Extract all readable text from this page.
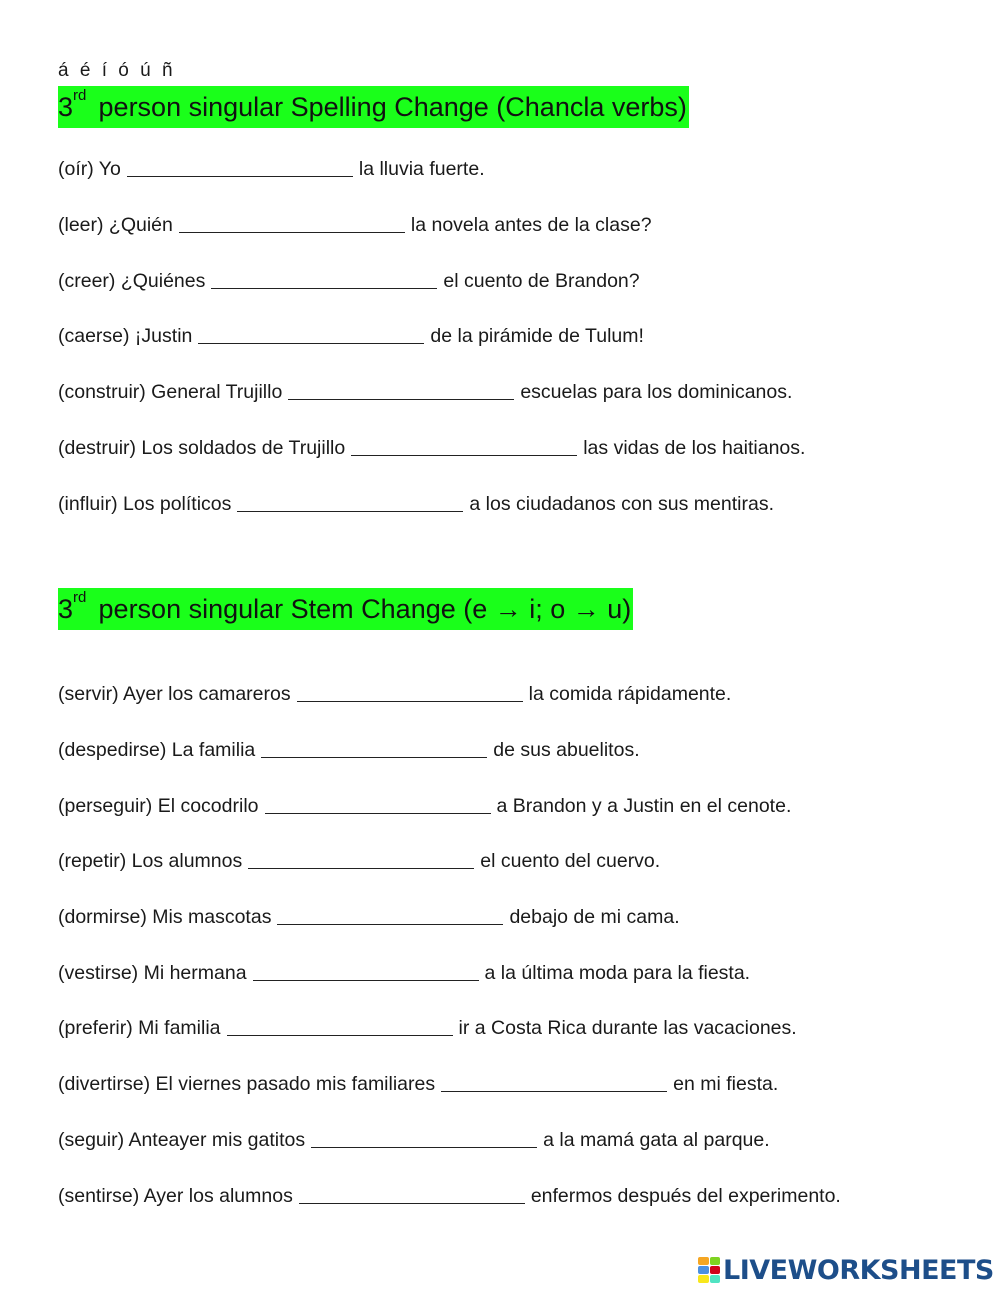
á é í ó ú ñ
3 rd person singular Spelling Change (Chancla verbs)
(oír) Yo	la lluvia fuerte.
(leer) ¿Quién	la novela antes de la clase?
(creer) ¿Quiénes	el cuento de Brandon?
(caerse) ¡Justin	de la pirámide de Tulum!
(construir) General Trujillo	escuelas para los dominicanos.
(destruir) Los soldados de Trujillo	las vidas de los haitianos.
(influir) Los políticos	a los ciudadanos con sus mentiras.
3 rd person singular Stem Change (e → i; o → u)
(servir) Ayer los camareros	la comida rápidamente.
(despedirse) La familia	de sus abuelitos.
(perseguir) El cocodrilo	a Brandon y a Justin en el cenote.
(repetir) Los alumnos	el cuento del cuervo.
(dormirse) Mis mascotas	debajo de mi cama.
(vestirse) Mi hermana	a la última moda para la fiesta.
(preferir) Mi familia	ir a Costa Rica durante las vacaciones.
(divertirse) El viernes pasado mis familiares	en mi fiesta.
(seguir) Anteayer mis gatitos	a la mamá gata al parque.
(sentirse) Ayer los alumnos	enfermos después del experimento.
LIVEWORKSHEETS
